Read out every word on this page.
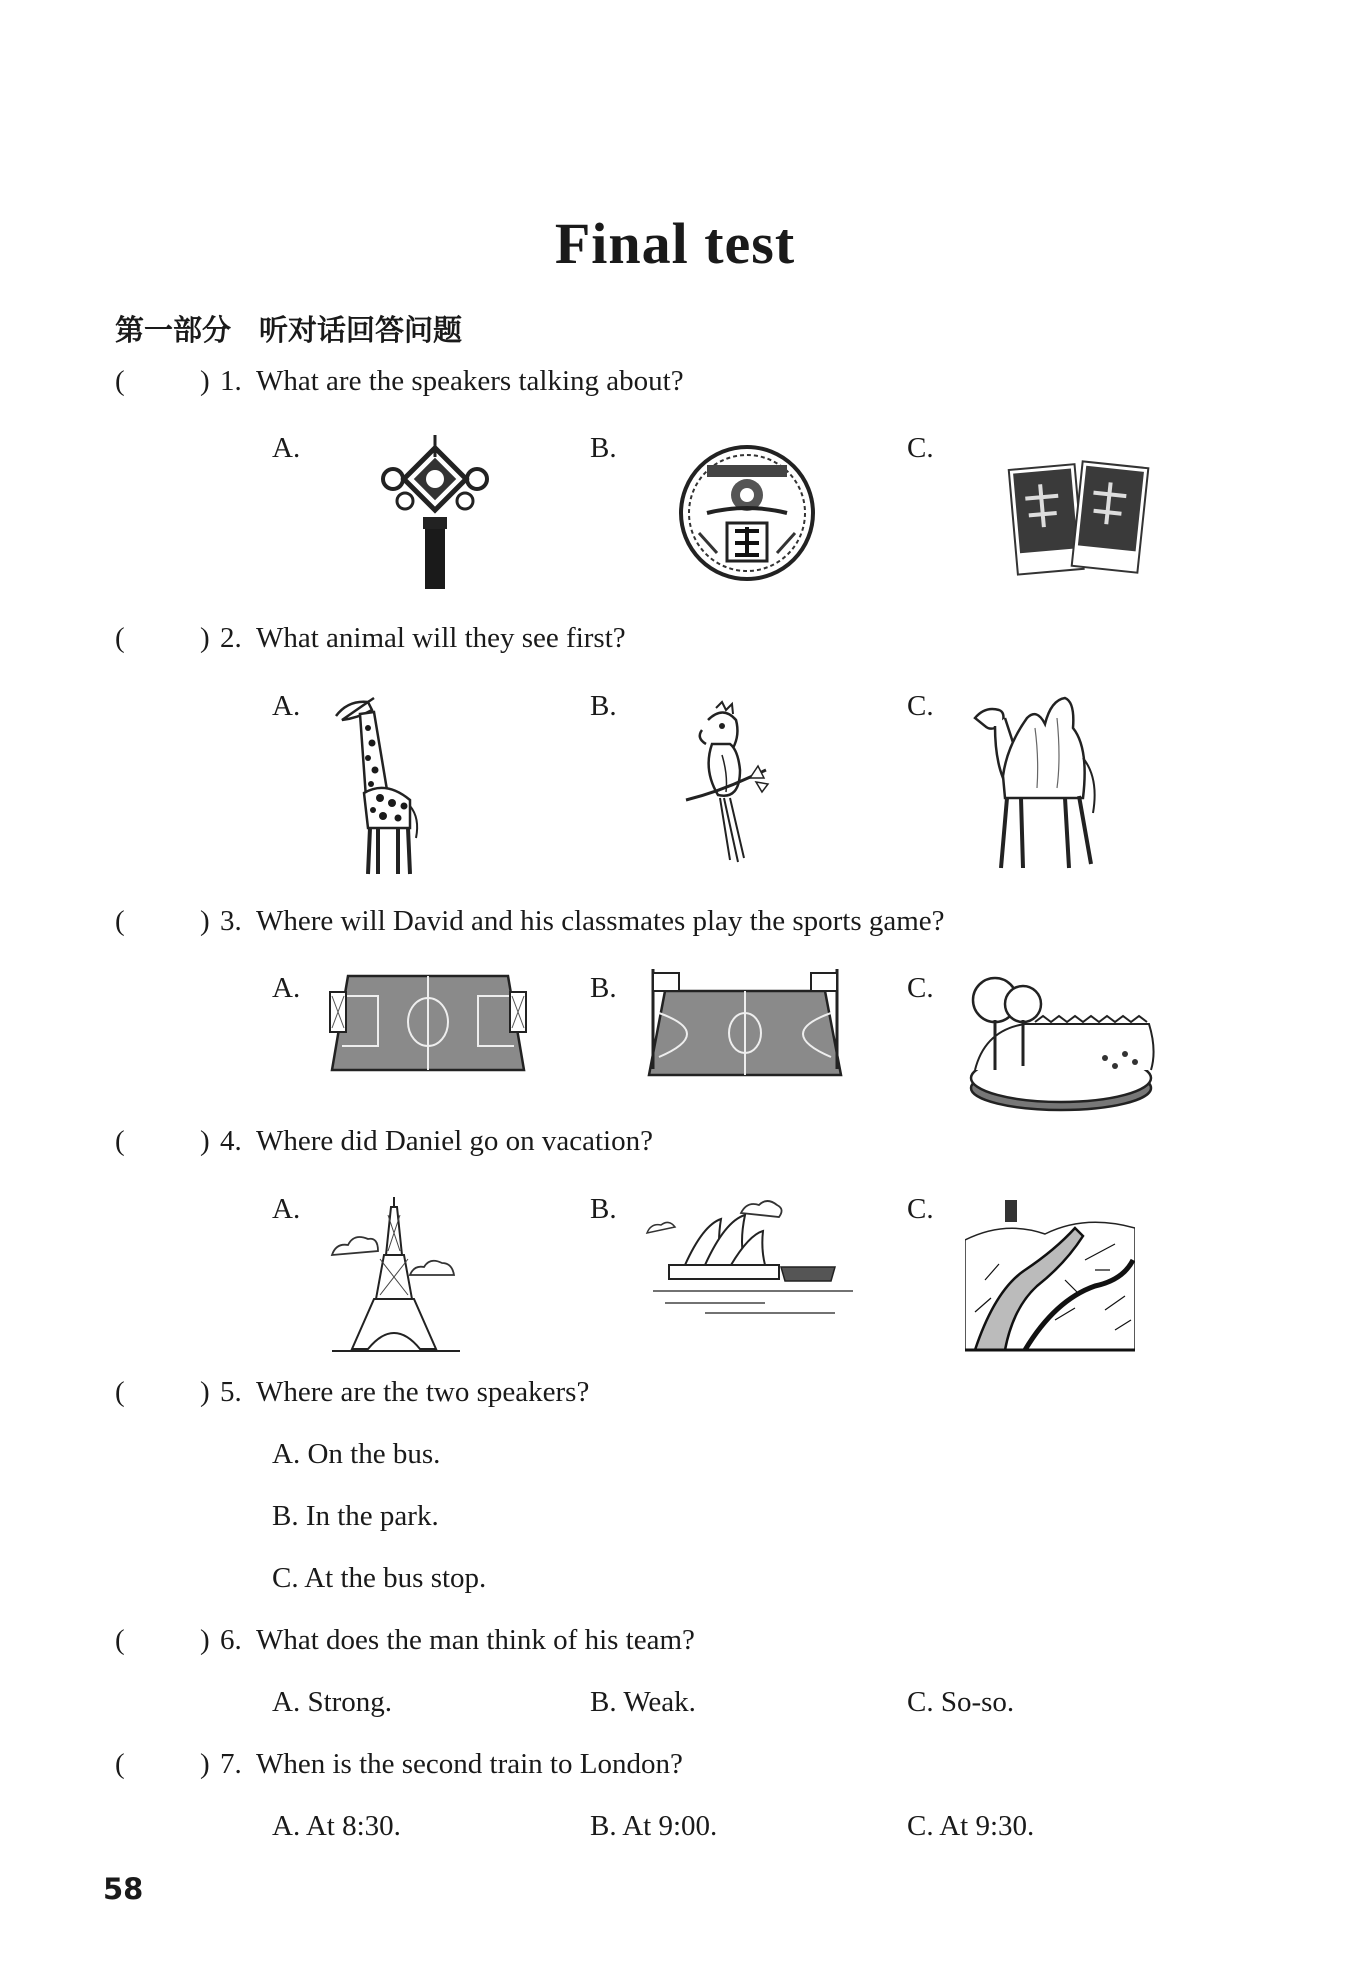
Final test
第一部分 听对话回答问题
(	) 1. What are the speakers talking about?
A.	B.	C.
(	) 2. What animal will they see first?
A.	B.	C.
(	) 3. Where will David and his classmates play the sports game?
A.	B.	C.
(	) 4. Where did Daniel go on vacation?
A.	B.	C.
(	) 5. Where are the two speakers?
A. On the bus.
B. In the park.
C. At the bus stop.
(	) 6. What does the man think of his team?
A. Strong.	B. Weak.	C. So-so.
(	) 7. When is the second train to London?
A. At 8:30.	B. At 9:00.	C. At 9:30.
58
